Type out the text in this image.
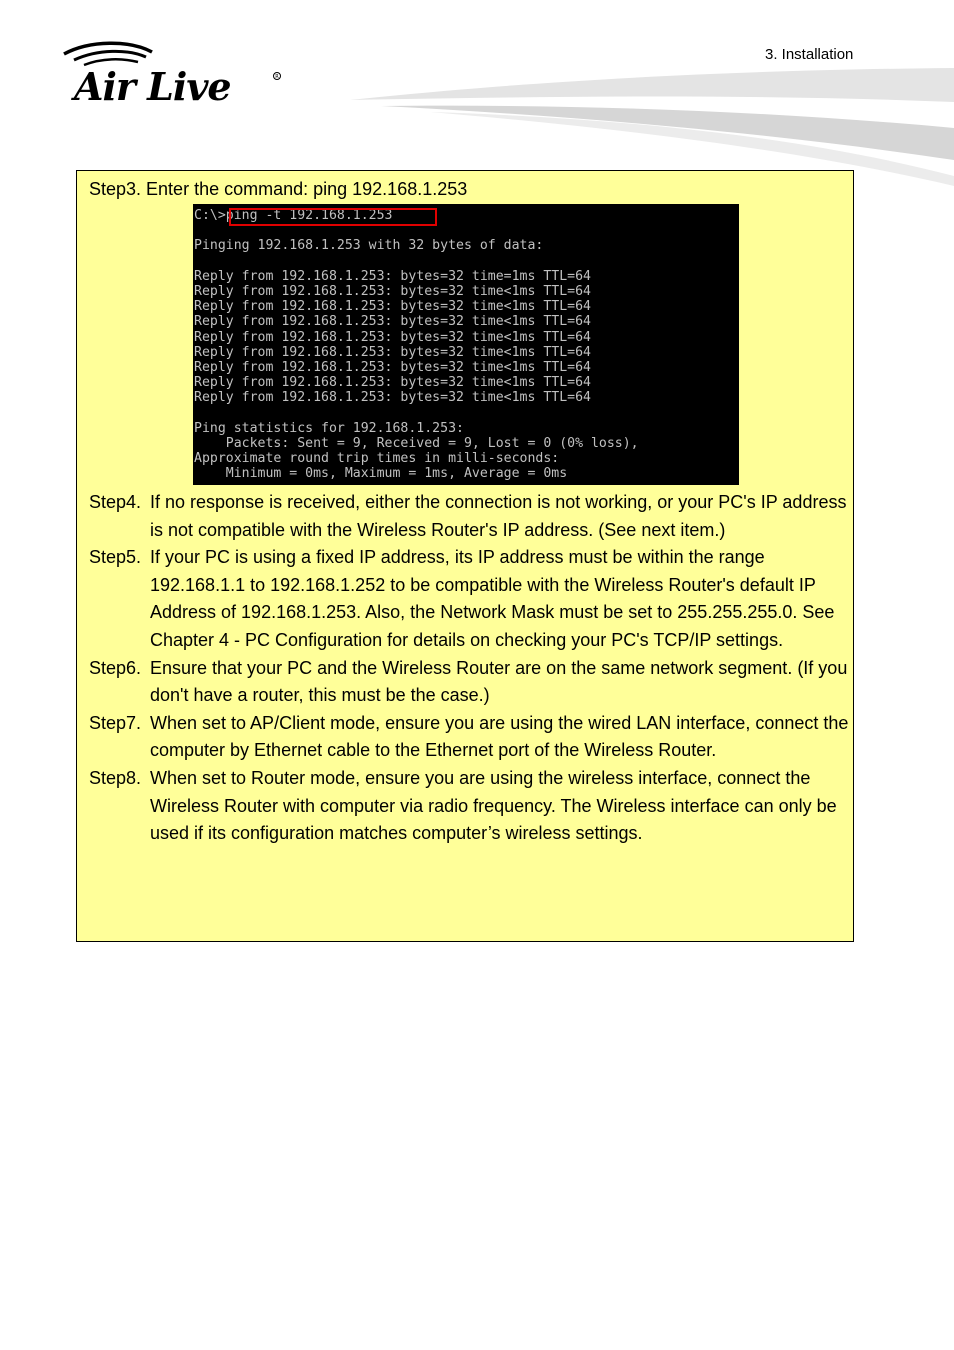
Air Live	R
3. Installation
Step3. Enter the command: ping 192.168.1.253
C:\>ping -t 192.168.1.253

Pinging 192.168.1.253 with 32 bytes of data:

Reply from 192.168.1.253: bytes=32 time=1ms TTL=64
Reply from 192.168.1.253: bytes=32 time<1ms TTL=64
Reply from 192.168.1.253: bytes=32 time<1ms TTL=64
Reply from 192.168.1.253: bytes=32 time<1ms TTL=64
Reply from 192.168.1.253: bytes=32 time<1ms TTL=64
Reply from 192.168.1.253: bytes=32 time<1ms TTL=64
Reply from 192.168.1.253: bytes=32 time<1ms TTL=64
Reply from 192.168.1.253: bytes=32 time<1ms TTL=64
Reply from 192.168.1.253: bytes=32 time<1ms TTL=64

Ping statistics for 192.168.1.253:
Packets: Sent = 9, Received = 9, Lost = 0 (0% loss),
Approximate round trip times in milli-seconds:
Minimum = 0ms, Maximum = 1ms, Average = 0ms
Step4. If no response is received, either the connection is not working, or your PC's IP address is not compatible with the Wireless Router's IP address. (See next item.)
Step5. If your PC is using a fixed IP address, its IP address must be within the range 192.168.1.1 to 192.168.1.252 to be compatible with the Wireless Router's default IP Address of 192.168.1.253. Also, the Network Mask must be set to 255.255.255.0. See Chapter 4 - PC Configuration for details on checking your PC's TCP/IP settings.
Step6. Ensure that your PC and the Wireless Router are on the same network segment. (If you don't have a router, this must be the case.)
Step7. When set to AP/Client mode, ensure you are using the wired LAN interface, connect the computer by Ethernet cable to the Ethernet port of the Wireless Router.
Step8. When set to Router mode, ensure you are using the wireless interface, connect the Wireless Router with computer via radio frequency. The Wireless interface can only be used if its configuration matches computer’s wireless settings.
